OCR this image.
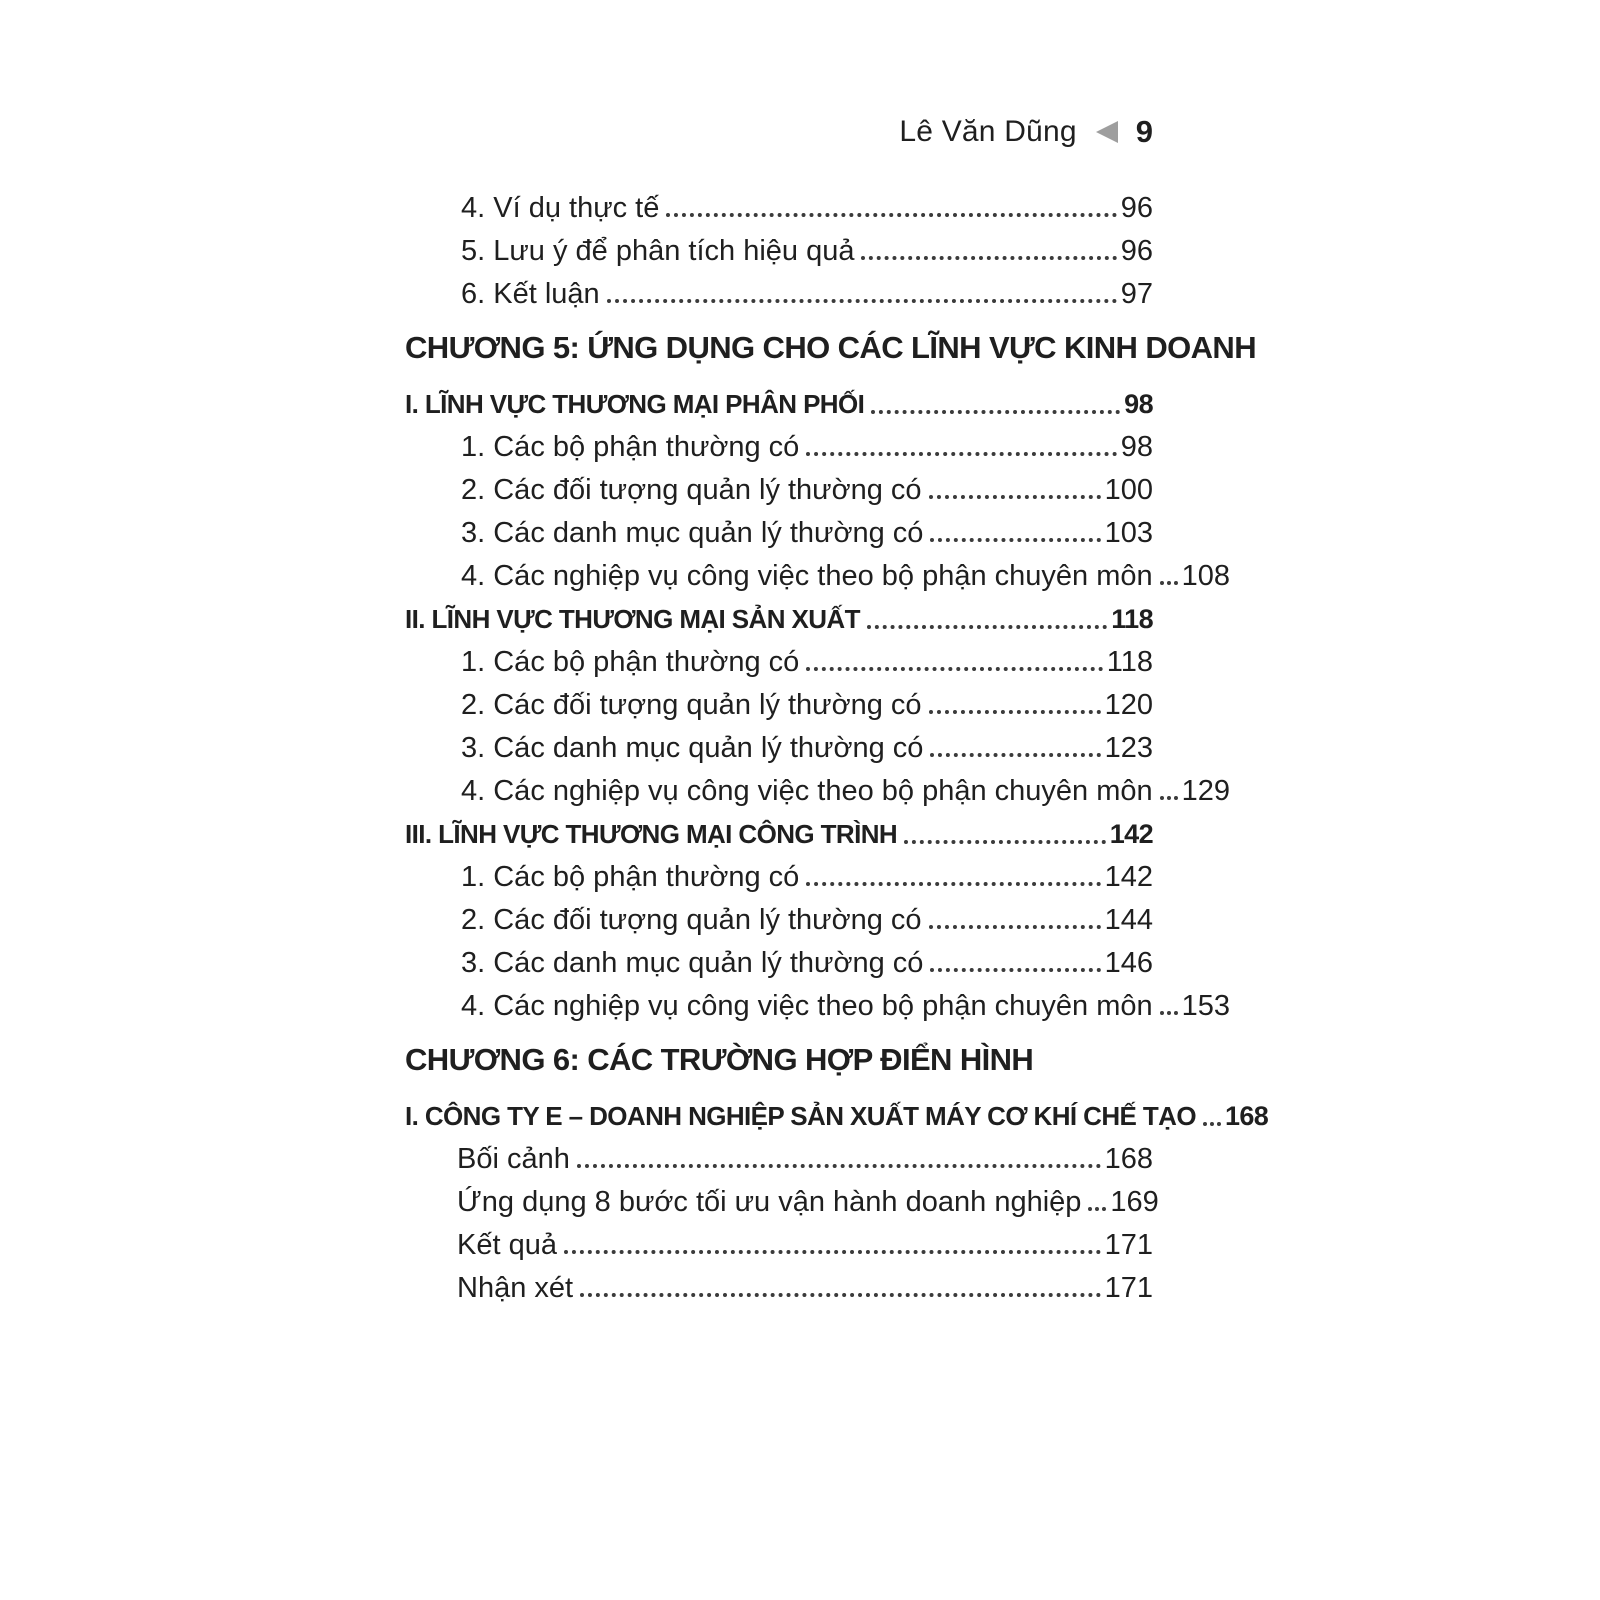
Lê Văn Dũng 9
4. Ví dụ thực tế	96
5. Lưu ý để phân tích hiệu quả	96
6. Kết luận	97
CHƯƠNG 5: ỨNG DỤNG CHO CÁC LĨNH VỰC KINH DOANH
I. LĨNH VỰC THƯƠNG MẠI PHÂN PHỐI	98
1. Các bộ phận thường có	98
2. Các đối tượng quản lý thường có	100
3. Các danh mục quản lý thường có	103
4. Các nghiệp vụ công việc theo bộ phận chuyên môn 108
II. LĨNH VỰC THƯƠNG MẠI SẢN XUẤT	118
1. Các bộ phận thường có	118
2. Các đối tượng quản lý thường có	120
3. Các danh mục quản lý thường có	123
4. Các nghiệp vụ công việc theo bộ phận chuyên môn 129
III. LĨNH VỰC THƯƠNG MẠI CÔNG TRÌNH	142
1. Các bộ phận thường có	142
2. Các đối tượng quản lý thường có	144
3. Các danh mục quản lý thường có	146
4. Các nghiệp vụ công việc theo bộ phận chuyên môn 153
CHƯƠNG 6: CÁC TRƯỜNG HỢP ĐIỂN HÌNH
I. CÔNG TY E – DOANH NGHIỆP SẢN XUẤT MÁY CƠ KHÍ CHẾ TẠO 168
Bối cảnh	168
Ứng dụng 8 bước tối ưu vận hành doanh nghiệp 169
Kết quả	171
Nhận xét	171
